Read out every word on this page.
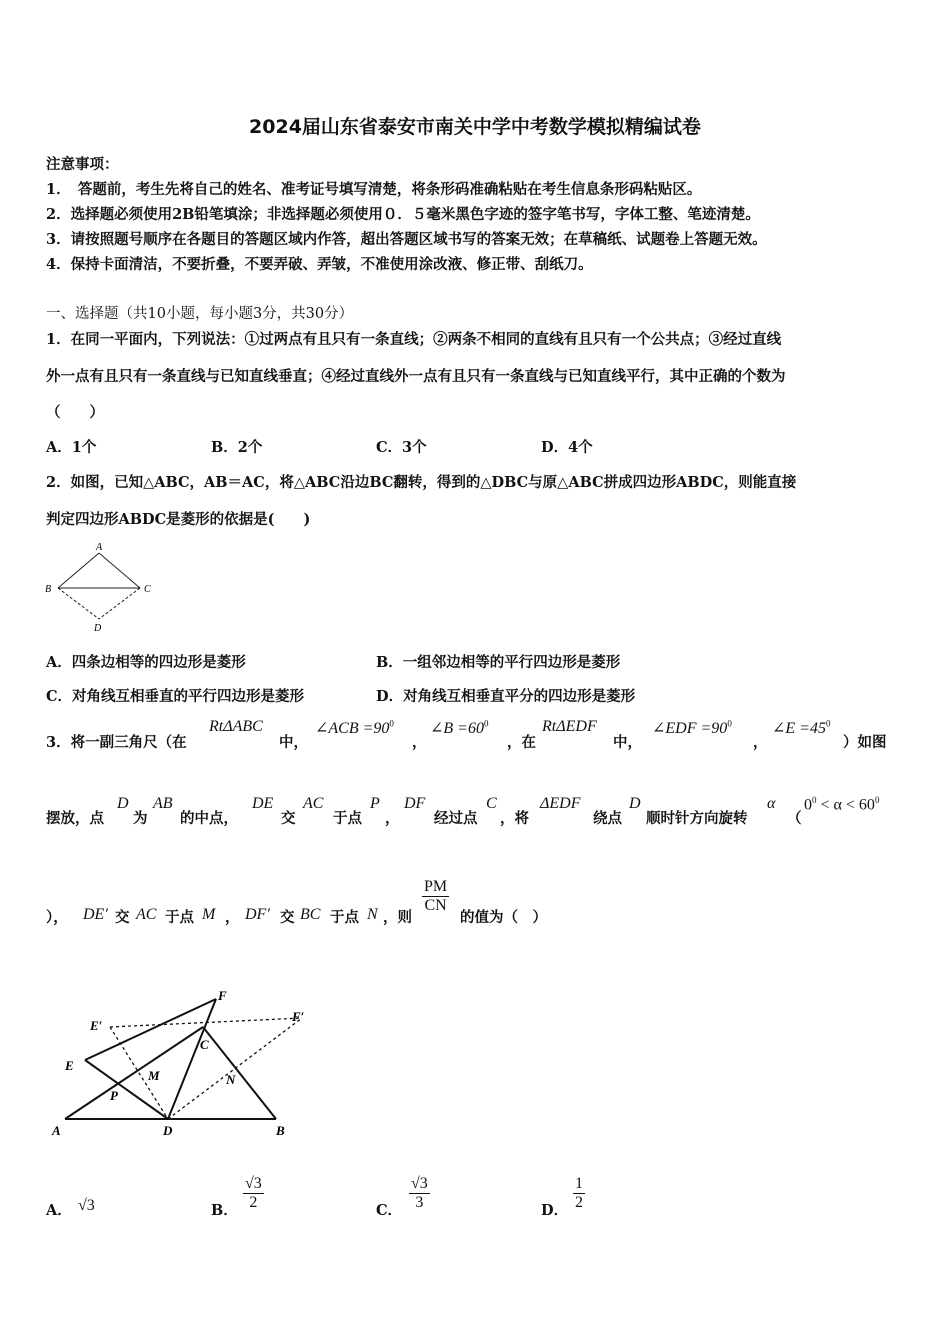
2024届山东省泰安市南关中学中考数学模拟精编试卷
注意事项：
1．　答题前，考生先将自己的姓名、准考证号填写清楚，将条形码准确粘贴在考生信息条形码粘贴区。
2．选择题必须使用2B铅笔填涂；非选择题必须使用０．５毫米黑色字迹的签字笔书写，字体工整、笔迹清楚。
3．请按照题号顺序在各题目的答题区域内作答，超出答题区域书写的答案无效；在草稿纸、试题卷上答题无效。
4．保持卡面清洁，不要折叠，不要弄破、弄皱，不准使用涂改液、修正带、刮纸刀。
一、选择题（共10小题，每小题3分，共30分）
1．在同一平面内，下列说法：①过两点有且只有一条直线；②两条不相同的直线有且只有一个公共点；③经过直线
外一点有且只有一条直线与已知直线垂直；④经过直线外一点有且只有一条直线与已知直线平行，其中正确的个数为
（　　）
A．1个	B．2个	C．3个	D．4个
2．如图，已知△ABC，AB＝AC，将△ABC沿边BC翻转，得到的△DBC与原△ABC拼成四边形ABDC，则能直接
判定四边形ABDC是菱形的依据是(　　)
A
B	C
D
A．四条边相等的四边形是菱形	B．一组邻边相等的平行四边形是菱形
C．对角线互相垂直的平行四边形是菱形	D．对角线互相垂直平分的四边形是菱形
3．将一副三角尺（在
RtΔABC
中，
∠ACB $=90^0$
，
∠B $=60^0$
，在
RtΔEDF
中，
∠EDF $=90^0$
，
∠E $=45^0$
）如图
摆放，点
D
为
AB
的中点，
DE
交
AC
于点
P
，
DF
经过点
C
，将
ΔEDF
绕点
D
顺时针方向旋转
α
（
$0^0 < \alpha < 60^0$
）， DE′ 交 AC 于点 M ， DF′ 交 BC 于点 N ，则
$\frac{PM}{CN}$
的值为（　）
F
E′
F′
C
E
M	N
P
A	D	B
A． √3	B． $\frac{√3}{2}$	C． $\frac{√3}{3}$	D． $\frac{1}{2}$
